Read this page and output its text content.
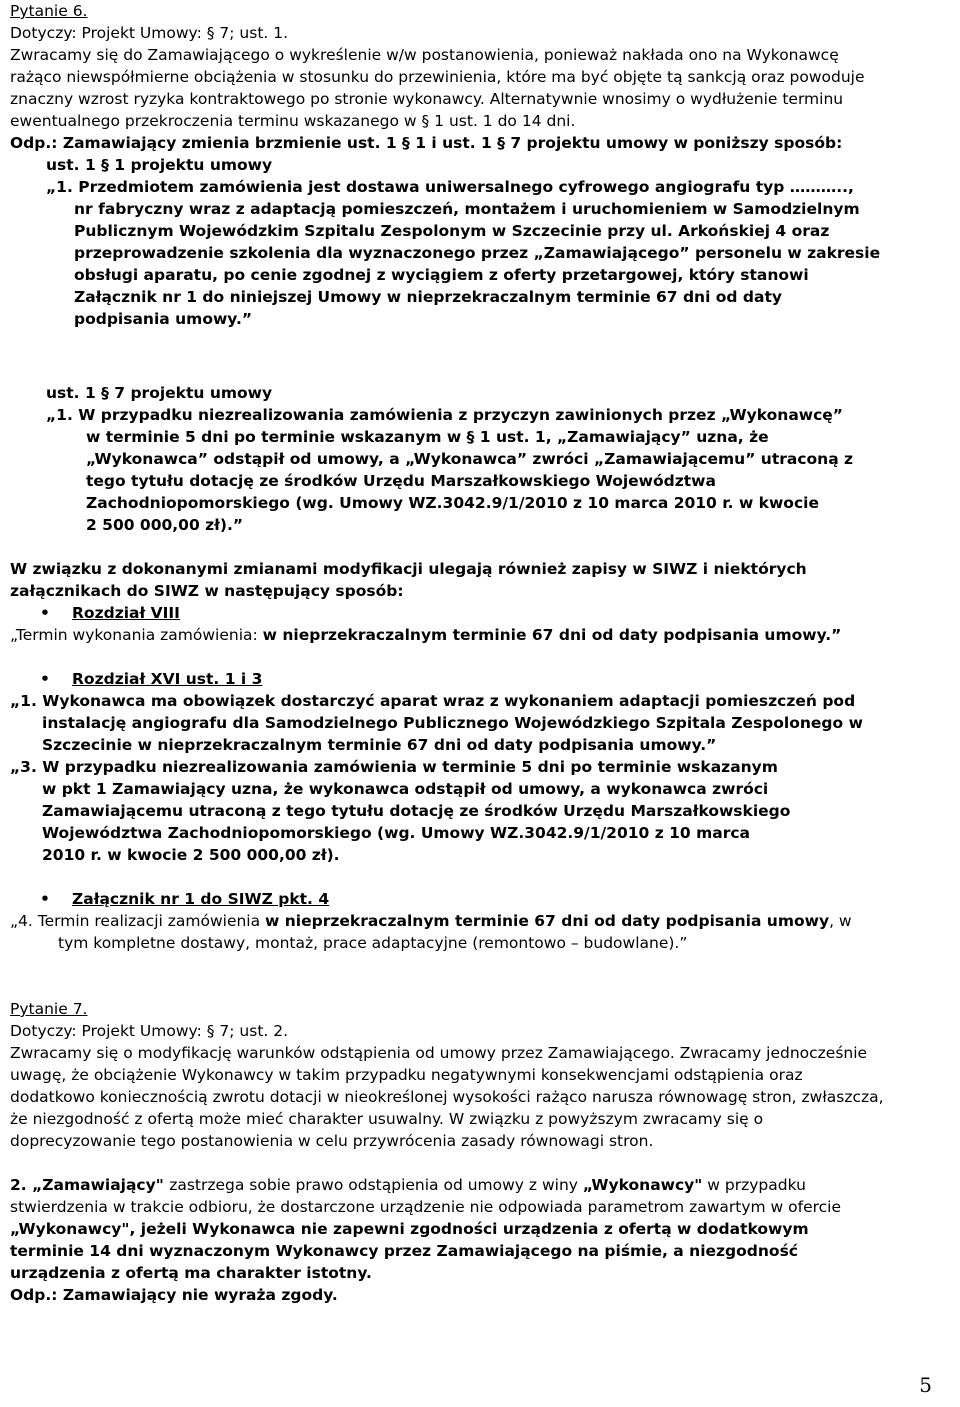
Pytanie 6.

Dotyczy: Projekt Umowy: § 7; ust. 1.

Zwracamy się do Zamawiającego o wykreślenie w/w postanowienia, ponieważ nakłada ono na Wykonawcę

rażąco niewspółmierne obciążenia w stosunku do przewinienia, które ma być objęte tą sankcją oraz powoduje

znaczny wzrost ryzyka kontraktowego po stronie wykonawcy. Alternatywnie wnosimy o wydłużenie terminu

ewentualnego przekroczenia terminu wskazanego w § 1 ust. 1 do 14 dni.

Odp.: Zamawiający zmienia brzmienie ust. 1 § 1 i ust. 1 § 7 projektu umowy w poniższy sposób:

ust. 1 § 1 projektu umowy

„1. Przedmiotem zamówienia jest dostawa uniwersalnego cyfrowego angiografu typ ………..,

nr fabryczny wraz z adaptacją pomieszczeń, montażem i uruchomieniem w Samodzielnym

Publicznym Wojewódzkim Szpitalu Zespolonym w Szczecinie przy ul. Arkońskiej 4 oraz

przeprowadzenie szkolenia dla wyznaczonego przez „Zamawiającego” personelu w zakresie

obsługi aparatu, po cenie zgodnej z wyciągiem z oferty przetargowej, który stanowi

Załącznik nr 1 do niniejszej Umowy w nieprzekraczalnym terminie 67 dni od daty

podpisania umowy.”

ust. 1 § 7 projektu umowy

„1. W przypadku niezrealizowania zamówienia z przyczyn zawinionych przez „Wykonawcę”

w terminie 5 dni po terminie wskazanym w § 1 ust. 1, „Zamawiający” uzna, że

„Wykonawca” odstąpił od umowy, a „Wykonawca” zwróci „Zamawiającemu” utraconą z

tego tytułu dotację ze środków Urzędu Marszałkowskiego Województwa

Zachodniopomorskiego (wg. Umowy WZ.3042.9/1/2010 z 10 marca 2010 r. w kwocie

2 500 000,00 zł).”

W związku z dokonanymi zmianami modyfikacji ulegają również zapisy w SIWZ i niektórych

załącznikach do SIWZ w następujący sposób:

•	Rozdział VIII

„Termin wykonania zamówienia: w nieprzekraczalnym terminie 67 dni od daty podpisania umowy.”

•	Rozdział XVI ust. 1 i 3

„1. Wykonawca ma obowiązek dostarczyć aparat wraz z wykonaniem adaptacji pomieszczeń pod

instalację angiografu dla Samodzielnego Publicznego Wojewódzkiego Szpitala Zespolonego w

Szczecinie w nieprzekraczalnym terminie 67 dni od daty podpisania umowy.”

„3. W przypadku niezrealizowania zamówienia w terminie 5 dni po terminie wskazanym

w pkt 1 Zamawiający uzna, że wykonawca odstąpił od umowy, a wykonawca zwróci

Zamawiającemu utraconą z tego tytułu dotację ze środków Urzędu Marszałkowskiego

Województwa Zachodniopomorskiego (wg. Umowy WZ.3042.9/1/2010 z 10 marca

2010 r. w kwocie 2 500 000,00 zł).

•	Załącznik nr 1 do SIWZ pkt. 4

„4. Termin realizacji zamówienia w nieprzekraczalnym terminie 67 dni od daty podpisania umowy, w

tym kompletne dostawy, montaż, prace adaptacyjne (remontowo – budowlane).”

Pytanie 7.

Dotyczy: Projekt Umowy: § 7; ust. 2.

Zwracamy się o modyfikację warunków odstąpienia od umowy przez Zamawiającego. Zwracamy jednocześnie

uwagę, że obciążenie Wykonawcy w takim przypadku negatywnymi konsekwencjami odstąpienia oraz

dodatkowo koniecznością zwrotu dotacji w nieokreślonej wysokości rażąco narusza równowagę stron, zwłaszcza,

że niezgodność z ofertą może mieć charakter usuwalny. W związku z powyższym zwracamy się o

doprecyzowanie tego postanowienia w celu przywrócenia zasady równowagi stron.

2. „Zamawiający" zastrzega sobie prawo odstąpienia od umowy z winy „Wykonawcy" w przypadku

stwierdzenia w trakcie odbioru, że dostarczone urządzenie nie odpowiada parametrom zawartym w ofercie

„Wykonawcy", jeżeli Wykonawca nie zapewni zgodności urządzenia z ofertą w dodatkowym

terminie 14 dni wyznaczonym Wykonawcy przez Zamawiającego na piśmie, a niezgodność

urządzenia z ofertą ma charakter istotny.

Odp.: Zamawiający nie wyraża zgody.

5
